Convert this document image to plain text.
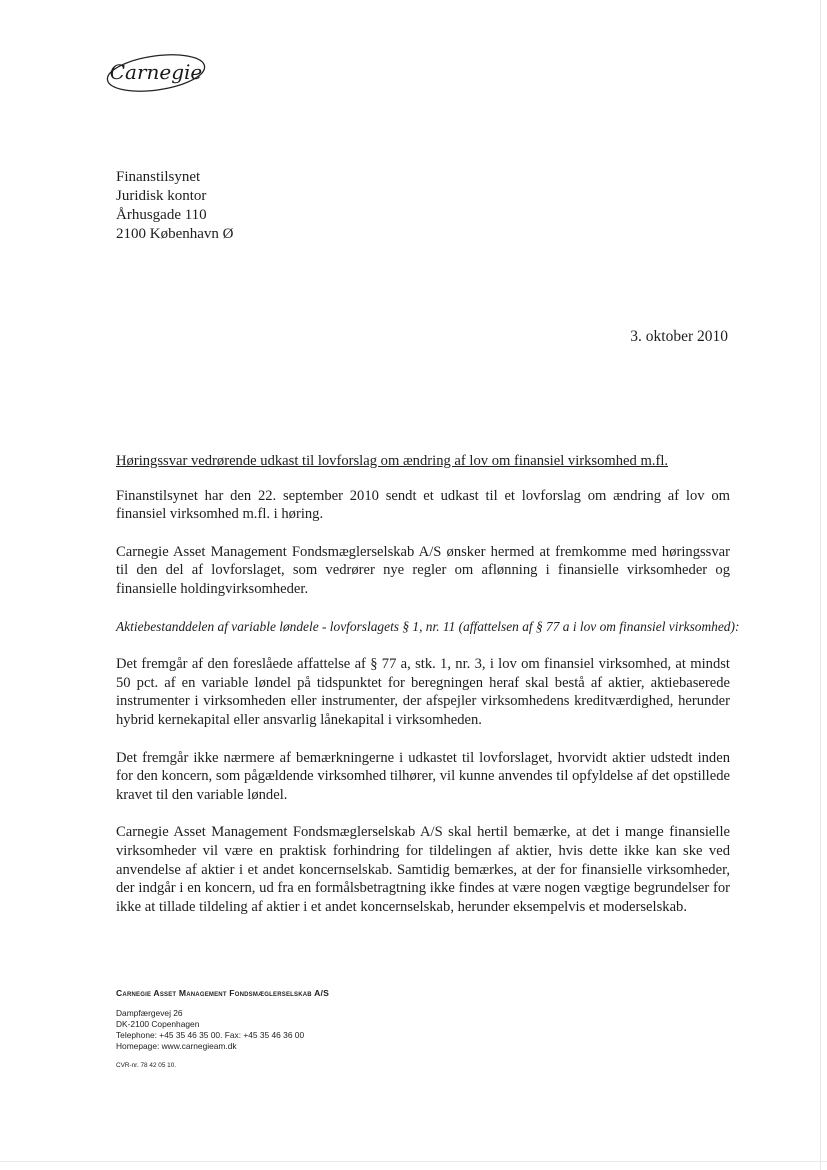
Carnegie
Finanstilsynet
Juridisk kontor
Århusgade 110
2100 København Ø
3. oktober 2010
Høringssvar vedrørende udkast til lovforslag om ændring af lov om finansiel virksomhed m.fl.

Finanstilsynet har den 22. september 2010 sendt et udkast til et lovforslag om ændring af lov om finansiel virksomhed m.fl. i høring.

Carnegie Asset Management Fondsmæglerselskab A/S ønsker hermed at fremkomme med høringssvar til den del af lovforslaget, som vedrører nye regler om aflønning i finansielle virksomheder og finansielle holdingvirksomheder.

Aktiebestanddelen af variable løndele - lovforslagets § 1, nr. 11 (affattelsen af § 77 a i lov om finansiel virksomhed):

Det fremgår af den foreslåede affattelse af § 77 a, stk. 1, nr. 3, i lov om finansiel virksomhed, at mindst 50 pct. af en variable løndel på tidspunktet for beregningen heraf skal bestå af aktier, aktiebaserede instrumenter i virksomheden eller instrumenter, der afspejler virksomhedens kreditværdighed, herunder hybrid kernekapital eller ansvarlig lånekapital i virksomheden.

Det fremgår ikke nærmere af bemærkningerne i udkastet til lovforslaget, hvorvidt aktier udstedt inden for den koncern, som pågældende virksomhed tilhører, vil kunne anvendes til opfyldelse af det opstillede kravet til den variable løndel.

Carnegie Asset Management Fondsmæglerselskab A/S skal hertil bemærke, at det i mange finansielle virksomheder vil være en praktisk forhindring for tildelingen af aktier, hvis dette ikke kan ske ved anvendelse af aktier i et andet koncernselskab. Samtidig bemærkes, at der for finansielle virksomheder, der indgår i en koncern, ud fra en formålsbetragtning ikke findes at være nogen vægtige begrundelser for ikke at tillade tildeling af aktier i et andet koncernselskab, herunder eksempelvis et moderselskab.

Carnegie Asset Management Fondsmæglerselskab A/S
Dampfærgevej 26
DK-2100 Copenhagen
Telephone: +45 35 46 35 00. Fax: +45 35 46 36 00
Homepage: www.carnegieam.dk
CVR-nr. 78 42 05 10.
